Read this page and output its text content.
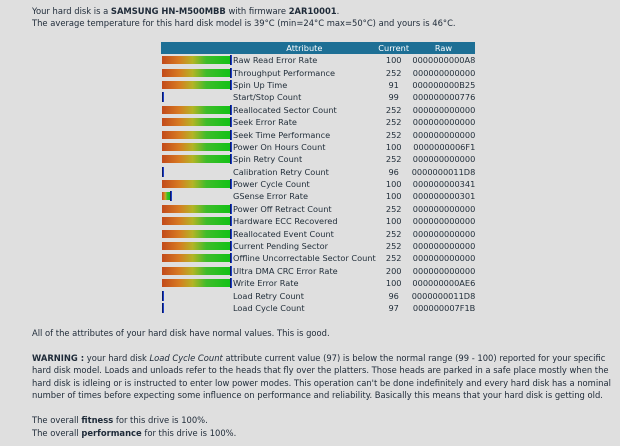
Your hard disk is a SAMSUNG HN-M500MBB with firmware 2AR10001.
The average temperature for this hard disk model is 39°C (min=24°C max=50°C) and yours is 46°C.
	Attribute	Current	Raw

	Raw Read Error Rate	100	0000000000A8

	Throughput Performance	252	000000000000

	Spin Up Time	91	000000000B25

	Start/Stop Count	99	000000000776

	Reallocated Sector Count	252	000000000000

	Seek Error Rate	252	000000000000

	Seek Time Performance	252	000000000000

	Power On Hours Count	100	0000000006F1

	Spin Retry Count	252	000000000000

	Calibration Retry Count	96	0000000011D8

	Power Cycle Count	100	000000000341

	GSense Error Rate	100	000000000301

	Power Off Retract Count	252	000000000000

	Hardware ECC Recovered	100	000000000000

	Reallocated Event Count	252	000000000000

	Current Pending Sector	252	000000000000

	Offline Uncorrectable Sector Count	252	000000000000

	Ultra DMA CRC Error Rate	200	000000000000

	Write Error Rate	100	000000000AE6

	Load Retry Count	96	0000000011D8

	Load Cycle Count	97	000000007F1B
All of the attributes of your hard disk have normal values. This is good.
WARNING : your hard disk Load Cycle Count attribute current value (97) is below the normal range (99 - 100) reported for your specific hard disk model. Loads and unloads refer to the heads that fly over the platters. Those heads are parked in a safe place mostly when the hard disk is idleing or is instructed to enter low power modes. This operation can't be done indefinitely and every hard disk has a nominal number of times before expecting some influence on performance and reliability. Basically this means that your hard disk is getting old.
The overall fitness for this drive is 100%.
The overall performance for this drive is 100%.
